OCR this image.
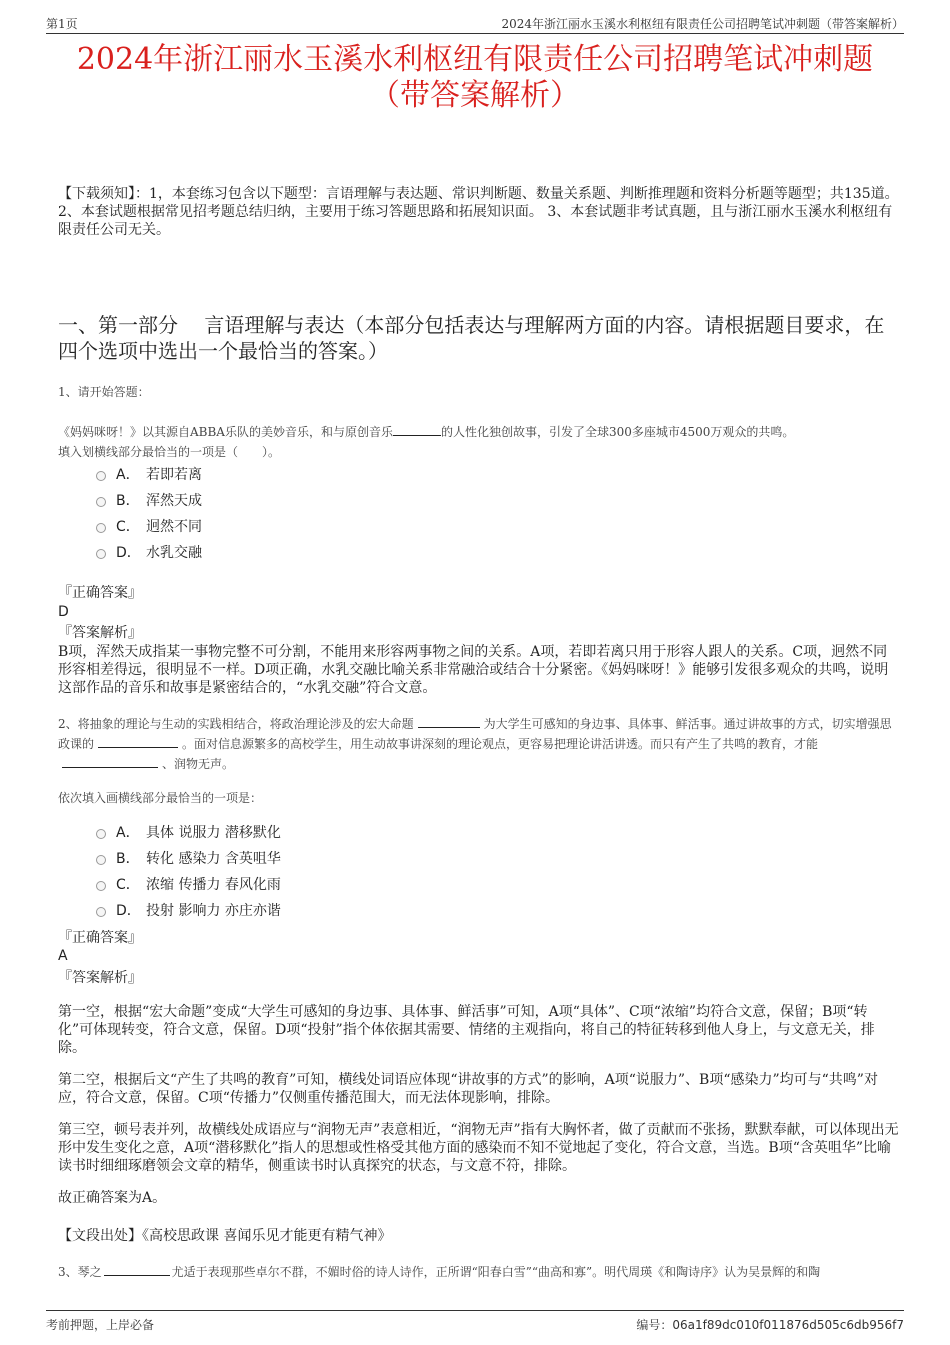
第1页	2024年浙江丽水玉溪水利枢纽有限责任公司招聘笔试冲刺题（带答案解析）
2024年浙江丽水玉溪水利枢纽有限责任公司招聘笔试冲刺题
（带答案解析）
【下载须知】：1，本套练习包含以下题型：言语理解与表达题、常识判断题、数量关系题、判断推理题和资料分析题等题型；共135道。 2、本套试题根据常见招考题总结归纳，主要用于练习答题思路和拓展知识面。 3、本套试题非考试真题，且与浙江丽水玉溪水利枢纽有限责任公司无关。
一、第一部分　 言语理解与表达（本部分包括表达与理解两方面的内容。请根据题目要求，在四个选项中选出一个最恰当的答案。）
1、请开始答题：
《妈妈咪呀！》以其源自ABBA乐队的美妙音乐，和与原创音乐	的人性化独创故事，引发了全球300多座城市4500万观众的共鸣。
填入划横线部分最恰当的一项是（　　）。
A． 若即若离
B． 浑然天成
C． 迥然不同
D． 水乳交融
『正确答案』
D
『答案解析』
B项，浑然天成指某一事物完整不可分割，不能用来形容两事物之间的关系。A项，若即若离只用于形容人跟人的关系。C项，迥然不同形容相差得远，很明显不一样。D项正确，水乳交融比喻关系非常融洽或结合十分紧密。《妈妈咪呀！》能够引发很多观众的共鸣，说明这部作品的音乐和故事是紧密结合的，“水乳交融”符合文意。
2、将抽象的理论与生动的实践相结合，将政治理论涉及的宏大命题	为大学生可感知的身边事、具体事、鲜活事。通过讲故事的方式，切实增强思政课的	。面对信息源繁多的高校学生，用生动故事讲深刻的理论观点，更容易把理论讲活讲透。而只有产生了共鸣的教育，才能、润物无声。
依次填入画横线部分最恰当的一项是：
A． 具体 说服力 潜移默化
B． 转化 感染力 含英咀华
C． 浓缩 传播力 春风化雨
D． 投射 影响力 亦庄亦谐
『正确答案』
A
『答案解析』

第一空，根据“宏大命题”变成“大学生可感知的身边事、具体事、鲜活事”可知，A项“具体”、C项“浓缩”均符合文意，保留；B项“转化”可体现转变，符合文意，保留。D项“投射”指个体依据其需要、情绪的主观指向，将自己的特征转移到他人身上，与文意无关，排除。

第二空，根据后文“产生了共鸣的教育”可知，横线处词语应体现“讲故事的方式”的影响，A项“说服力”、B项“感染力”均可与“共鸣”对应，符合文意，保留。C项“传播力”仅侧重传播范围大，而无法体现影响，排除。

第三空，顿号表并列，故横线处成语应与“润物无声”表意相近，“润物无声”指有大胸怀者，做了贡献而不张扬，默默奉献，可以体现出无形中发生变化之意，A项“潜移默化”指人的思想或性格受其他方面的感染而不知不觉地起了变化，符合文意，当选。B项“含英咀华”比喻读书时细细琢磨领会文章的精华，侧重读书时认真探究的状态，与文意不符，排除。

故正确答案为A。

【文段出处】《高校思政课 喜闻乐见才能更有精气神》
3、琴之	尤适于表现那些卓尔不群，不媚时俗的诗人诗作，正所谓“阳春白雪”“曲高和寡”。明代周瑛《和陶诗序》认为吴景辉的和陶
考前押题，上岸必备	编号：06a1f89dc010f011876d505c6db956f7
